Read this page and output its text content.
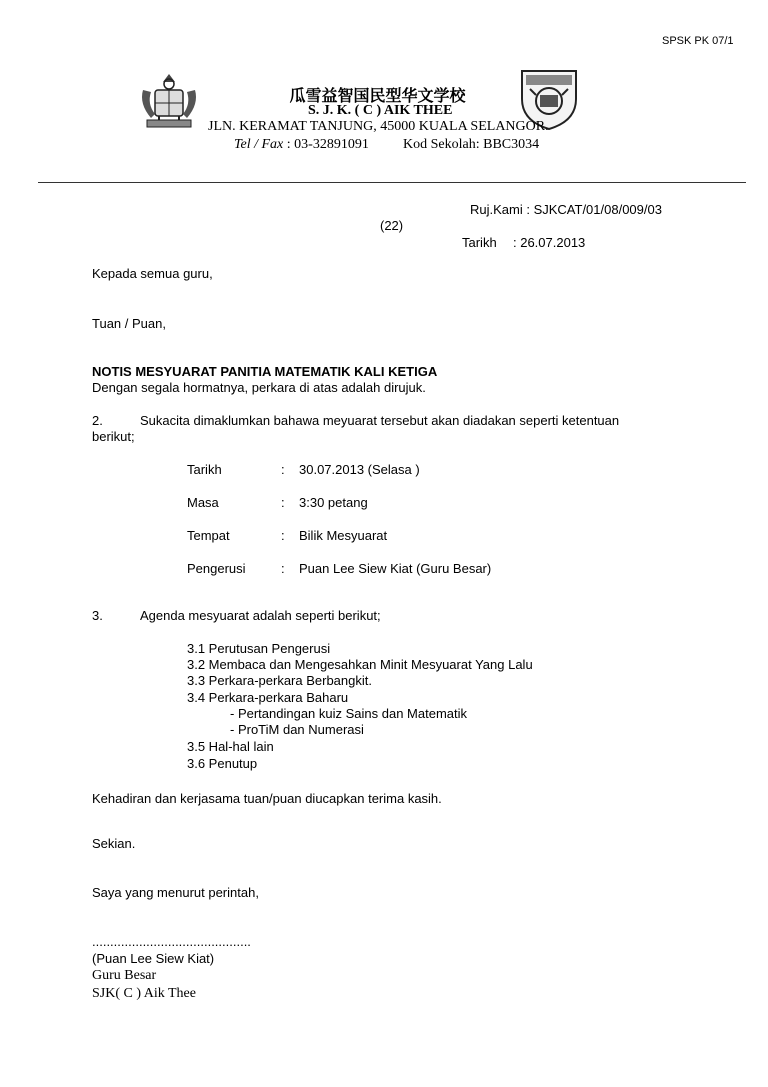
SPSK PK 07/1
瓜雪益智国民型华文学校
S. J. K. ( C ) AIK THEE
JLN. KERAMAT TANJUNG, 45000 KUALA SELANGOR.
Tel / Fax : 03-32891091 Kod Sekolah: BBC3034
Ruj.Kami : SJKCAT/01/08/009/03
(22)
Tarikh : 26.07.2013
Kepada semua guru,
Tuan / Puan,
NOTIS MESYUARAT PANITIA MATEMATIK KALI KETIGA
Dengan segala hormatnya, perkara di atas adalah dirujuk.
2.	Sukacita dimaklumkan bahawa meyuarat tersebut akan diadakan seperti ketentuan
berikut;
Tarikh	: 30.07.2013 (Selasa )
Masa	: 3:30 petang
Tempat	: Bilik Mesyuarat
Pengerusi	: Puan Lee Siew Kiat (Guru Besar)
3.	Agenda mesyuarat adalah seperti berikut;
3.1 Perutusan Pengerusi
3.2 Membaca dan Mengesahkan Minit Mesyuarat Yang Lalu
3.3 Perkara-perkara Berbangkit.
3.4 Perkara-perkara Baharu
- Pertandingan kuiz Sains dan Matematik
- ProTiM dan Numerasi
3.5 Hal-hal lain
3.6 Penutup
Kehadiran dan kerjasama tuan/puan diucapkan terima kasih.
Sekian.
Saya yang menurut perintah,
............................................
(Puan Lee Siew Kiat)
Guru Besar
SJK( C ) Aik Thee
